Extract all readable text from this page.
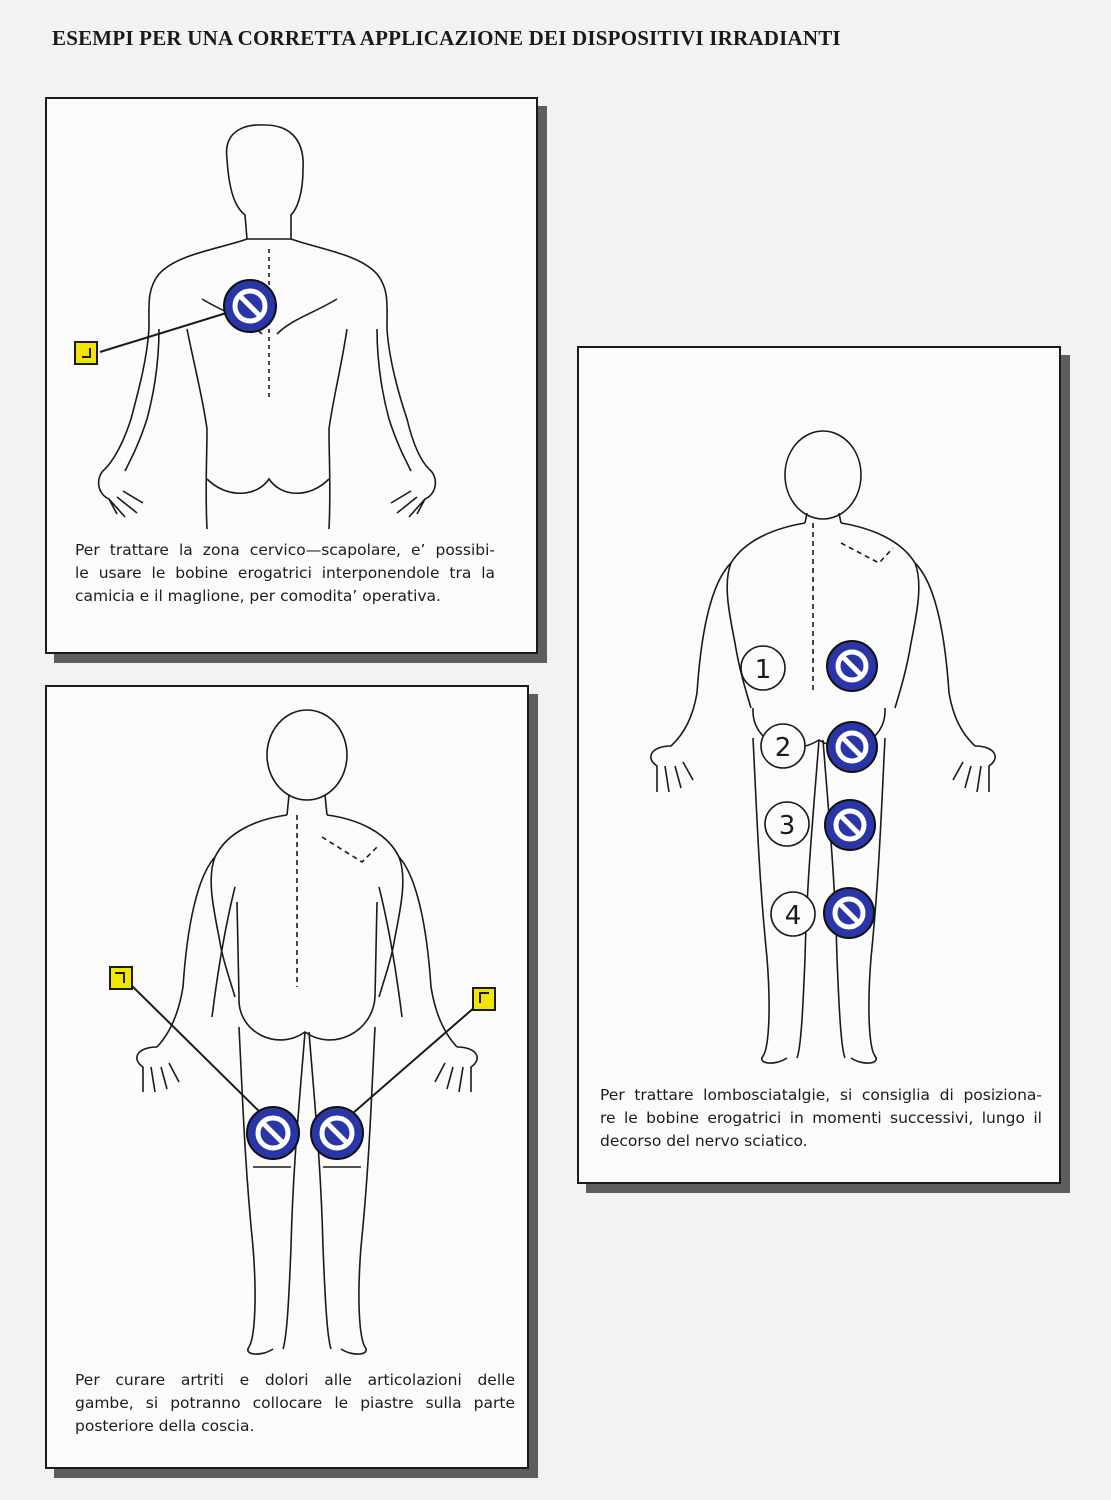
ESEMPI PER UNA CORRETTA APPLICAZIONE DEI DISPOSITIVI IRRADIANTI
Per trattare la zona cervico—scapolare, e’ possibi-
le usare le bobine erogatrici interponendole tra la
camicia e il maglione, per comodita’ operativa.
Per curare artriti e dolori alle articolazioni delle
gambe, si potranno collocare le piastre sulla parte
posteriore della coscia.
1
2
3
4
Per trattare lombosciatalgie, si consiglia di posiziona-
re le bobine erogatrici in momenti successivi, lungo il
decorso del nervo sciatico.
